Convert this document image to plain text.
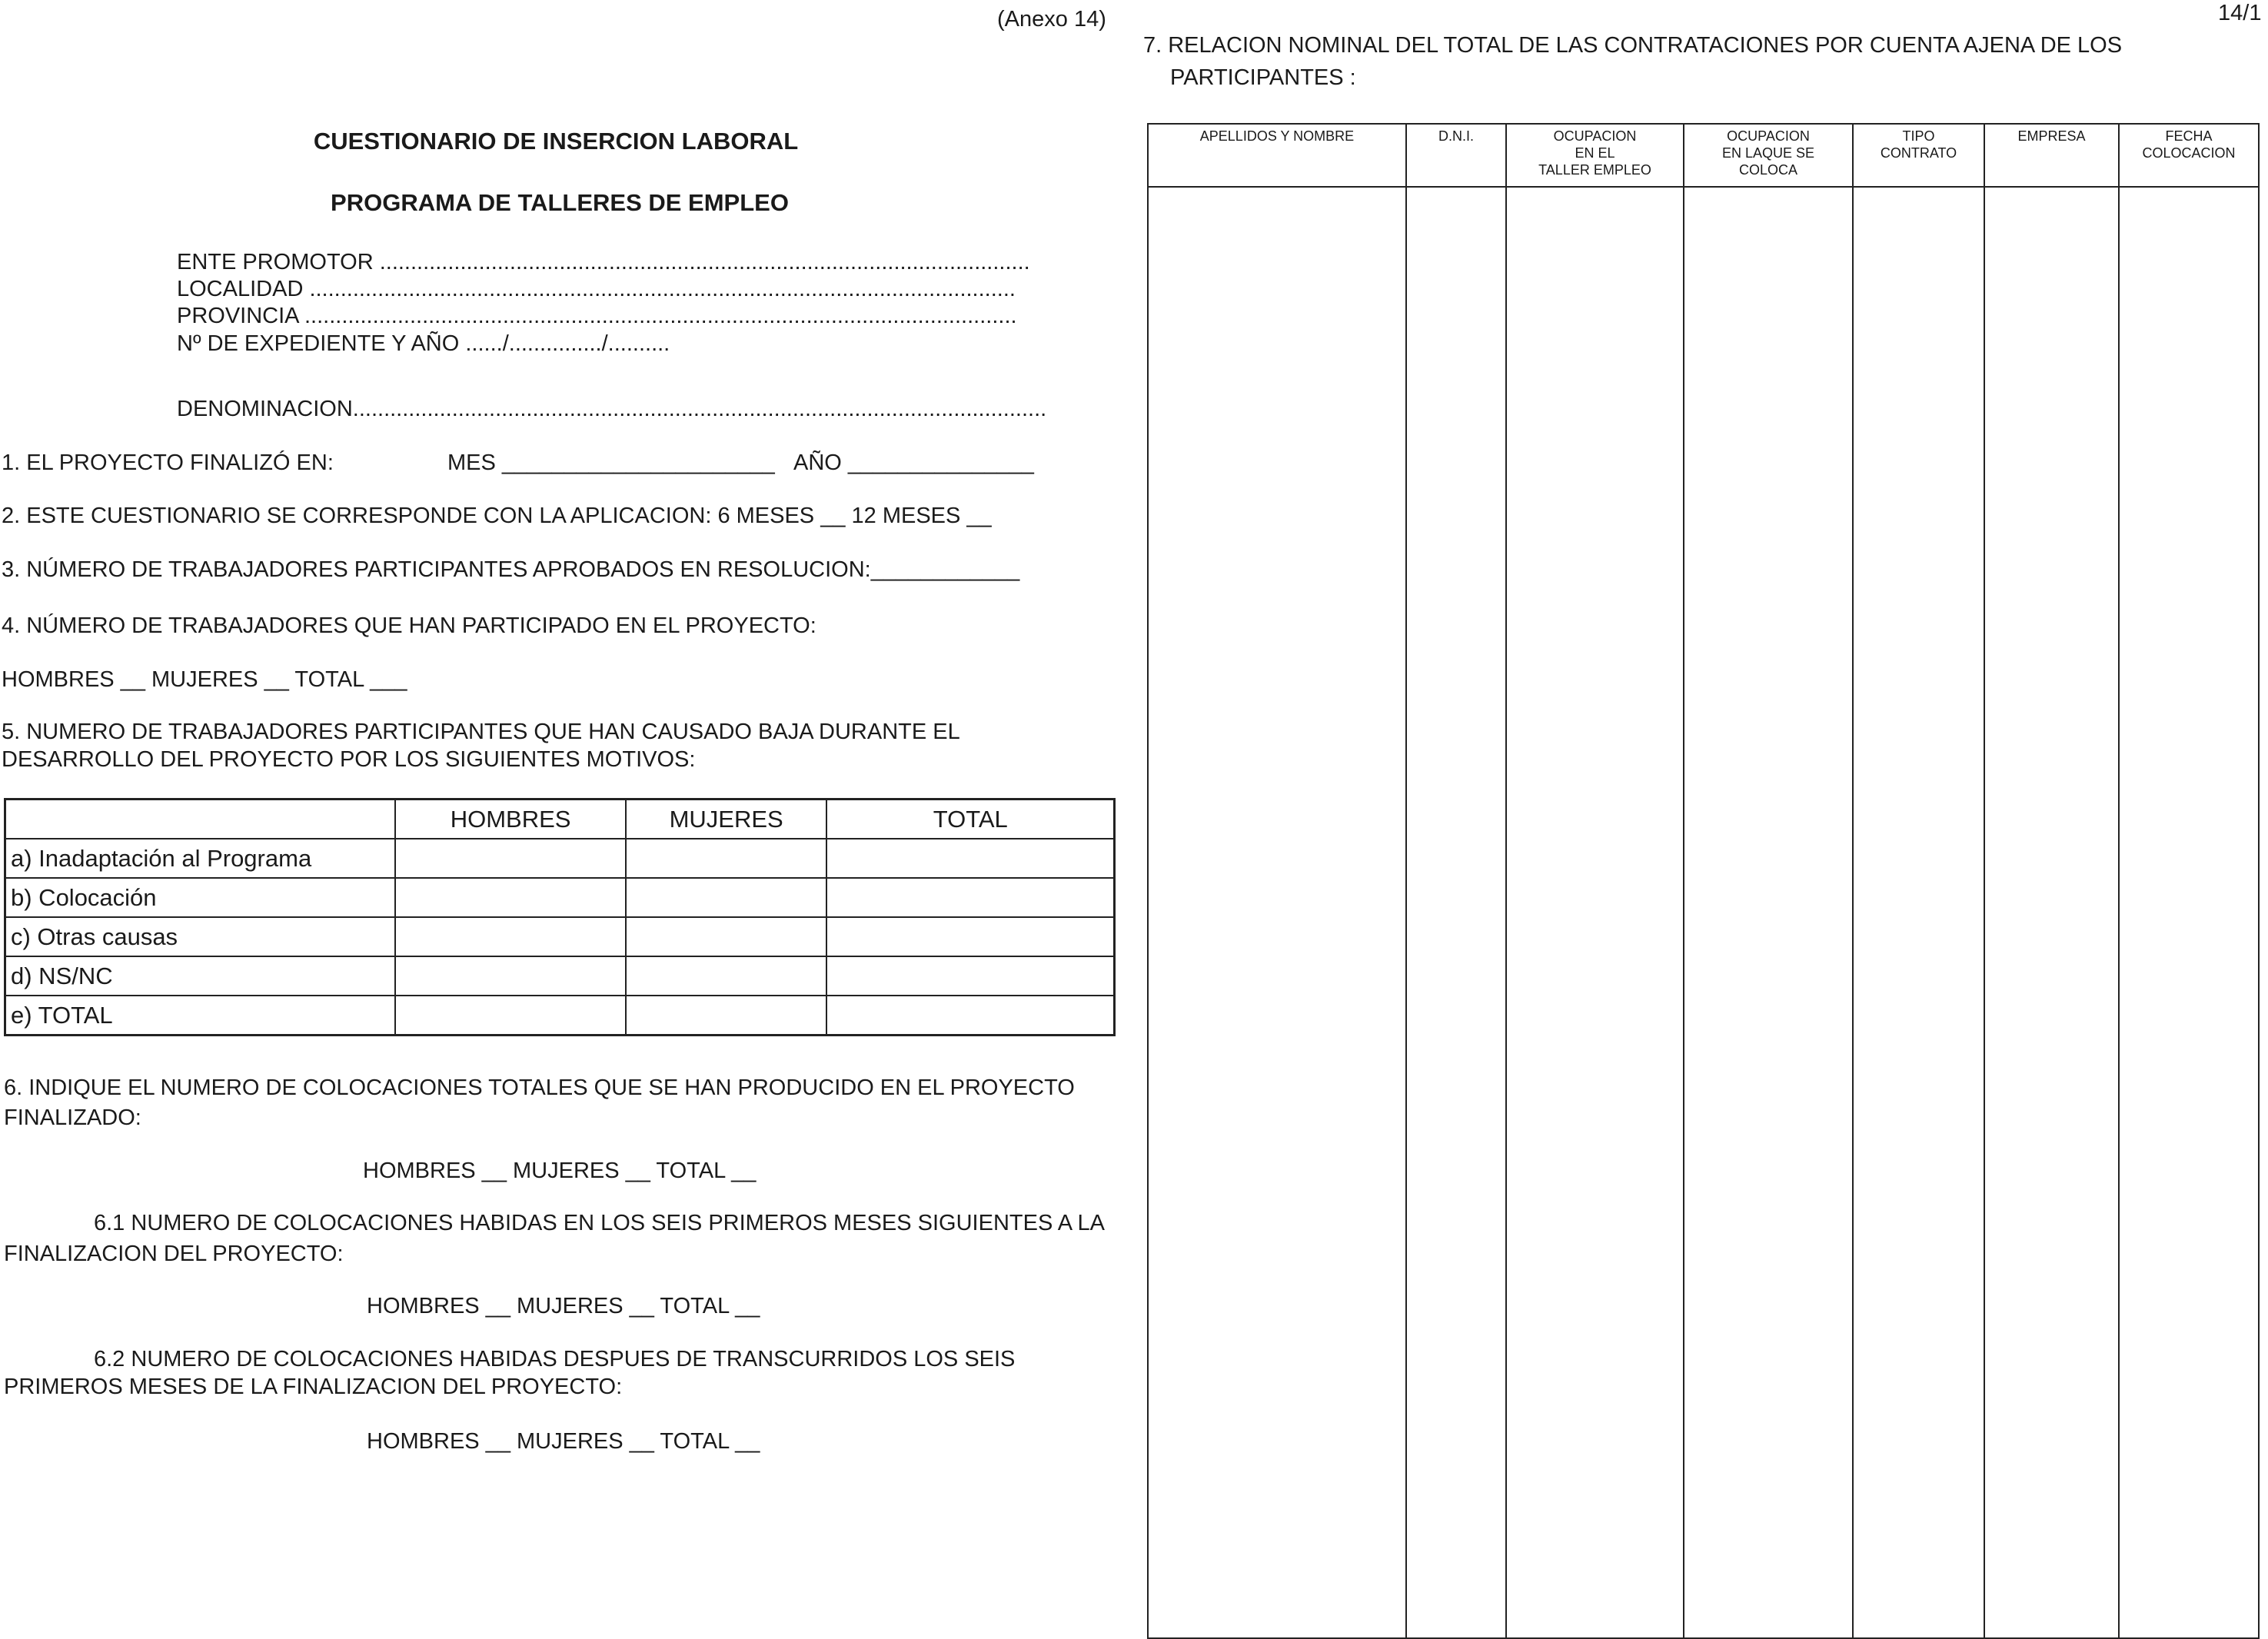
(Anexo 14)	14/1
CUESTIONARIO DE INSERCION LABORAL
PROGRAMA DE TALLERES DE EMPLEO
ENTE PROMOTOR .........................................................................................................
LOCALIDAD ..................................................................................................................
PROVINCIA ...................................................................................................................
Nº DE EXPEDIENTE Y AÑO ....../.............../..........
DENOMINACION................................................................................................................
1. EL PROYECTO FINALIZÓ EN:	MES ______________________ AÑO _______________
2. ESTE CUESTIONARIO SE CORRESPONDE CON LA APLICACION: 6 MESES __ 12 MESES __
3. NÚMERO DE TRABAJADORES PARTICIPANTES APROBADOS EN RESOLUCION:____________
4. NÚMERO DE TRABAJADORES QUE HAN PARTICIPADO EN EL PROYECTO:
HOMBRES __ MUJERES __ TOTAL ___
5. NUMERO DE TRABAJADORES PARTICIPANTES QUE HAN CAUSADO BAJA DURANTE EL
DESARROLLO DEL PROYECTO POR LOS SIGUIENTES MOTIVOS:
	HOMBRES	MUJERES	TOTAL
a) Inadaptación al Programa			
b) Colocación			
c) Otras causas			
d) NS/NC			
e) TOTAL			
6. INDIQUE EL NUMERO DE COLOCACIONES TOTALES QUE SE HAN PRODUCIDO EN EL PROYECTO
FINALIZADO:
HOMBRES __ MUJERES __ TOTAL __
6.1 NUMERO DE COLOCACIONES HABIDAS EN LOS SEIS PRIMEROS MESES SIGUIENTES A LA
FINALIZACION DEL PROYECTO:
HOMBRES __ MUJERES __ TOTAL __
6.2 NUMERO DE COLOCACIONES HABIDAS DESPUES DE TRANSCURRIDOS LOS SEIS
PRIMEROS MESES DE LA FINALIZACION DEL PROYECTO:
HOMBRES __ MUJERES __ TOTAL __
7. RELACION NOMINAL DEL TOTAL DE LAS CONTRATACIONES POR CUENTA AJENA DE LOS
PARTICIPANTES :
APELLIDOS Y NOMBRE	D.N.I.	OCUPACION
EN EL
TALLER EMPLEO	OCUPACION
EN LAQUE SE
COLOCA	TIPO
CONTRATO	EMPRESA	FECHA
COLOCACION
